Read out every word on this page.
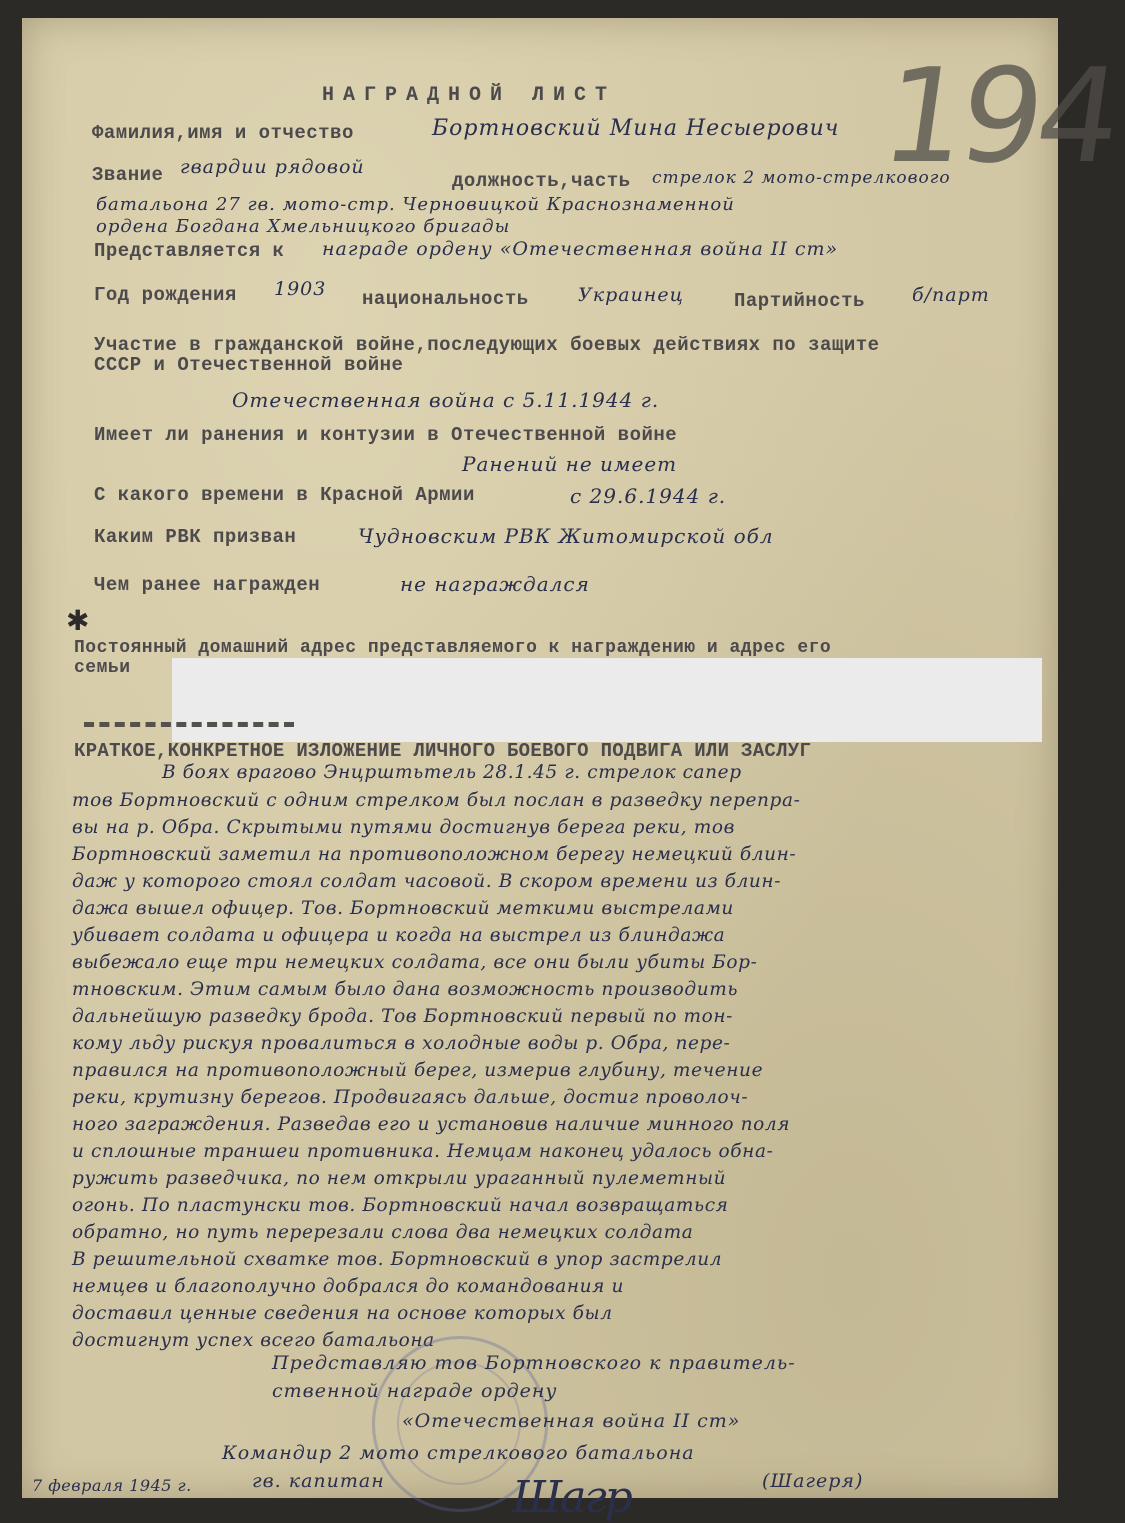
194

НАГРАДНОЙ ЛИСТ

Фамилия,имя и отчество	Бортновский Мина Несыерович

Звание гвардии рядовой

должность,часть стрелок 2 мото-стрелкового

батальона 27 гв. мото-стр. Черновицкой Краснознаменной

ордена Богдана Хмельницкого бригады

Представляется к награде ордену «Отечественная война II ст»

Год рождения 1903 национальность	Украинец	Партийность б/парт

Участие в гражданской войне,последующих боевых действиях по защите

СССР и Отечественной войне

Отечественная война с 5.11.1944 г.

Имеет ли ранения и контузии в Отечественной войне

Ранений не имеет

С какого времени в Красной Армии	с 29.6.1944 г.

Каким РВК призван	Чудновским РВК Житомирской обл

Чем ранее награжден	не награждался

✱

Постоянный домашний адрес представляемого к награждению и адрес его

семьи

КРАТКОЕ,КОНКРЕТНОЕ ИЗЛОЖЕНИЕ ЛИЧНОГО БОЕВОГО ПОДВИГА ИЛИ ЗАСЛУГ

В боях врагово Энцрштьтель 28.1.45 г. стрелок сапер

тов Бортновский с одним стрелком был послан в разведку перепра-

вы на р. Обра. Скрытыми путями достигнув берега реки, тов

Бортновский заметил на противоположном берегу немецкий блин-

даж у которого стоял солдат часовой. В скором времени из блин-

дажа вышел офицер. Тов. Бортновский меткими выстрелами

убивает солдата и офицера и когда на выстрел из блиндажа

выбежало еще три немецких солдата, все они были убиты Бор-

тновским. Этим самым было дана возможность производить

дальнейшую разведку брода. Тов Бортновский первый по тон-

кому льду рискуя провалиться в холодные воды р. Обра, пере-

правился на противоположный берег, измерив глубину, течение

реки, крутизну берегов. Продвигаясь дальше, достиг проволоч-

ного заграждения. Разведав его и установив наличие минного поля

и сплошные траншеи противника. Немцам наконец удалось обна-

ружить разведчика, по нем открыли ураганный пулеметный

огонь. По пластунски тов. Бортновский начал возвращаться

обратно, но путь перерезали слова два немецких солдата

В решительной схватке тов. Бортновский в упор застрелил

немцев и благополучно добрался до командования и

доставил ценные сведения на основе которых был

достигнут успех всего батальона

Представляю тов Бортновского к правитель-

ственной награде ордену

«Отечественная война II ст»

Командир 2 мото стрелкового батальона

гв. капитан	Шагр	(Шагеря)

7 февраля 1945 г.
